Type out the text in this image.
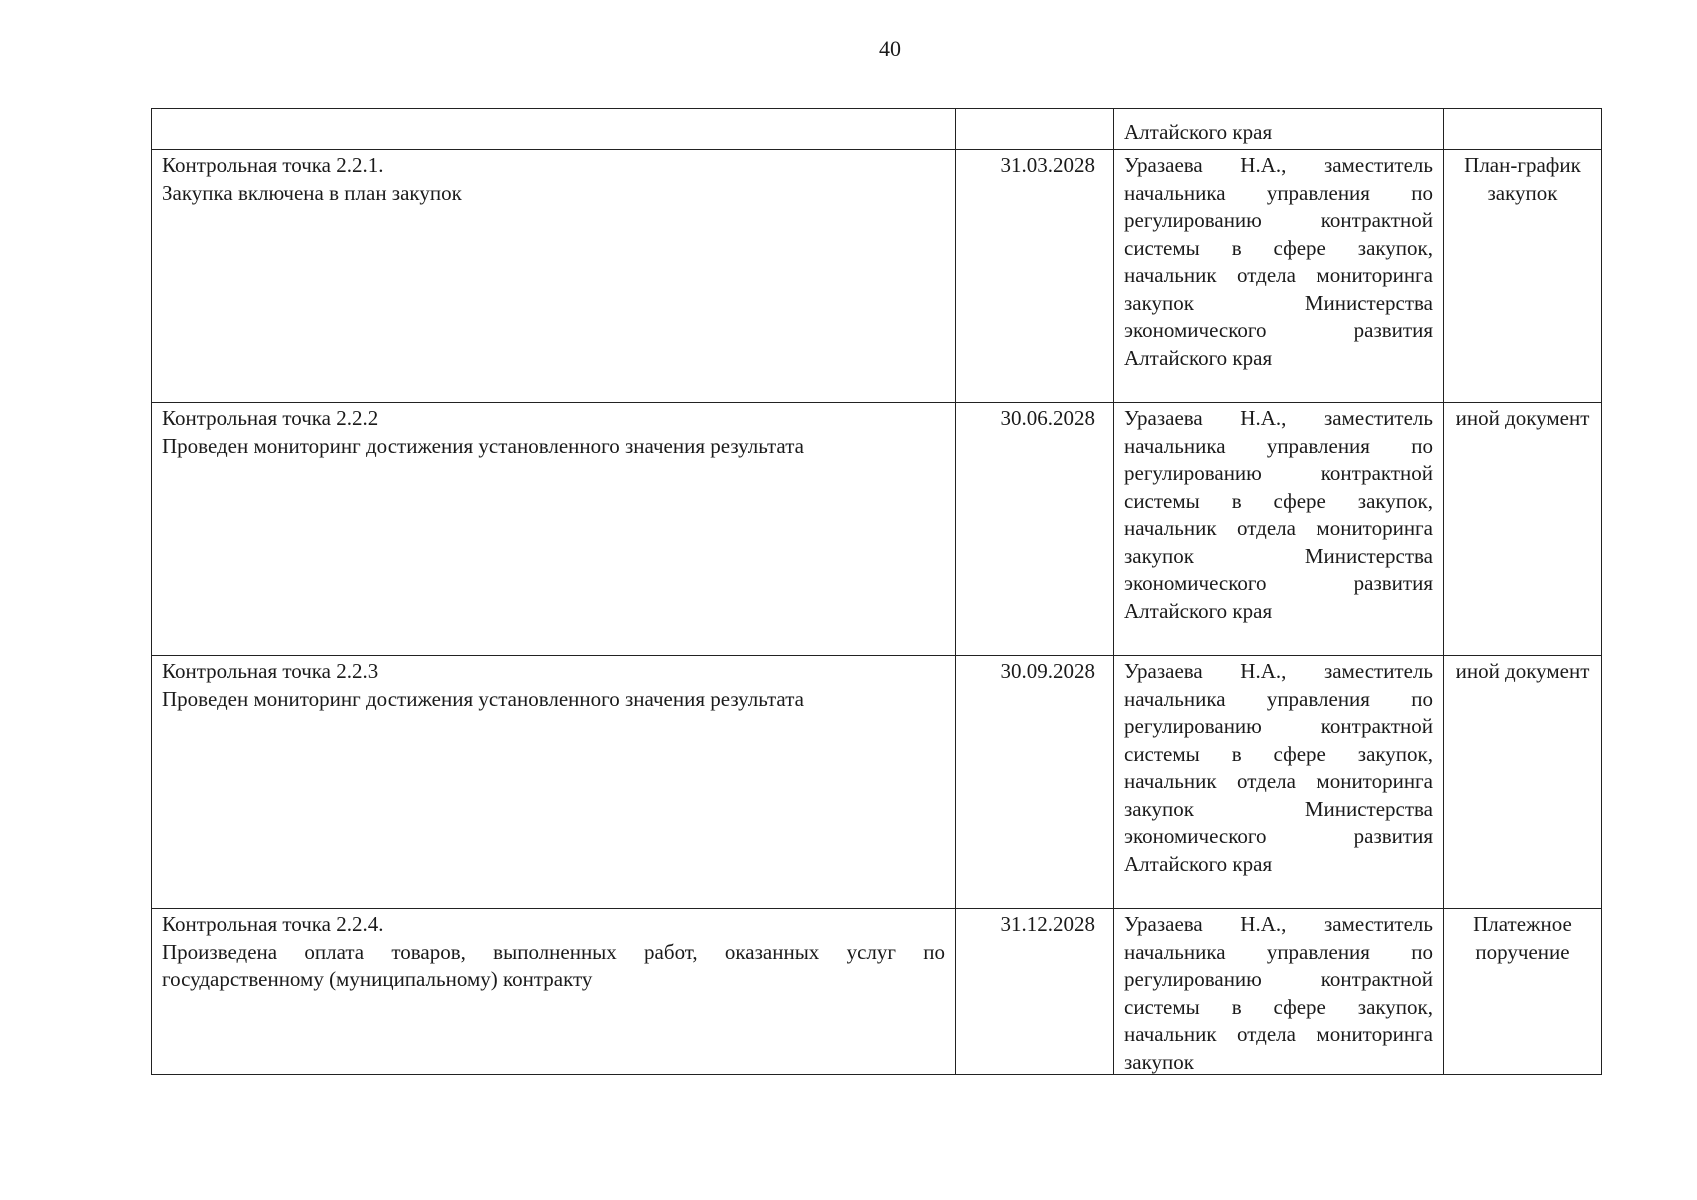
40
		Алтайского края	

Контрольная точка 2.2.1.
Закупка включена в план закупок	31.03.2028	Уразаева Н.А., заместитель начальника управления по регулированию контрактной системы в сфере закупок, начальник отдела мониторинга закупок Министерства экономического развития Алтайского края	План-график закупок

Контрольная точка 2.2.2
Проведен мониторинг достижения установленного значения результата	30.06.2028	Уразаева Н.А., заместитель начальника управления по регулированию контрактной системы в сфере закупок, начальник отдела мониторинга закупок Министерства экономического развития Алтайского края	иной документ

Контрольная точка 2.2.3
Проведен мониторинг достижения установленного значения результата	30.09.2028	Уразаева Н.А., заместитель начальника управления по регулированию контрактной системы в сфере закупок, начальник отдела мониторинга закупок Министерства экономического развития Алтайского края	иной документ

Контрольная точка 2.2.4.
Произведена оплата товаров, выполненных работ, оказанных услуг по государственному (муниципальному) контракту	31.12.2028	Уразаева Н.А., заместитель начальника управления по регулированию контрактной системы в сфере закупок, начальник отдела мониторинга закупок	Платежное поручение
